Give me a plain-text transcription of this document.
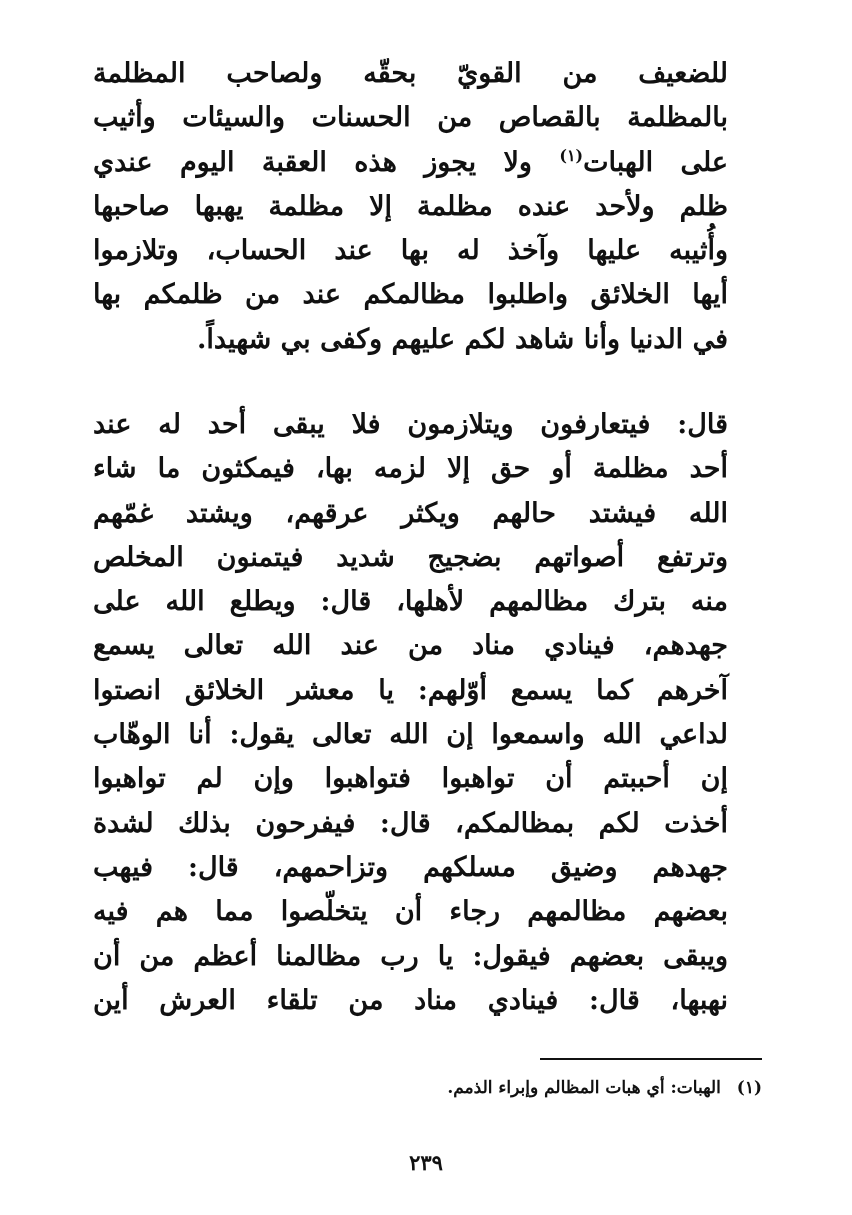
للضعيف من القويّ بحقّه ولصاحب المظلمة
بالمظلمة بالقصاص من الحسنات والسيئات وأثيب
على الهبات$^{(١)}$ ولا يجوز هذه العقبة اليوم عندي
ظلم ولأحد عنده مظلمة إلا مظلمة يهبها صاحبها
وأُثيبه عليها وآخذ له بها عند الحساب، وتلازموا
أيها الخلائق واطلبوا مظالمكم عند من ظلمكم بها
في الدنيا وأنا شاهد لكم عليهم وكفى بي شهيداً.
قال: فيتعارفون ويتلازمون فلا يبقى أحد له عند
أحد مظلمة أو حق إلا لزمه بها، فيمكثون ما شاء
الله فيشتد حالهم ويكثر عرقهم، ويشتد غمّهم
وترتفع أصواتهم بضجيج شديد فيتمنون المخلص
منه بترك مظالمهم لأهلها، قال: ويطلع الله على
جهدهم، فينادي مناد من عند الله تعالى يسمع
آخرهم كما يسمع أوّلهم: يا معشر الخلائق انصتوا
لداعي الله واسمعوا إن الله تعالى يقول: أنا الوهّاب
إن أحببتم أن تواهبوا فتواهبوا وإن لم تواهبوا
أخذت لكم بمظالمكم، قال: فيفرحون بذلك لشدة
جهدهم وضيق مسلكهم وتزاحمهم، قال: فيهب
بعضهم مظالمهم رجاء أن يتخلّصوا مما هم فيه
ويبقى بعضهم فيقول: يا رب مظالمنا أعظم من أن
نهبها، قال: فينادي مناد من تلقاء العرش أين
(١) الهبات: أي هبات المظالم وإبراء الذمم.
٢٣٩
